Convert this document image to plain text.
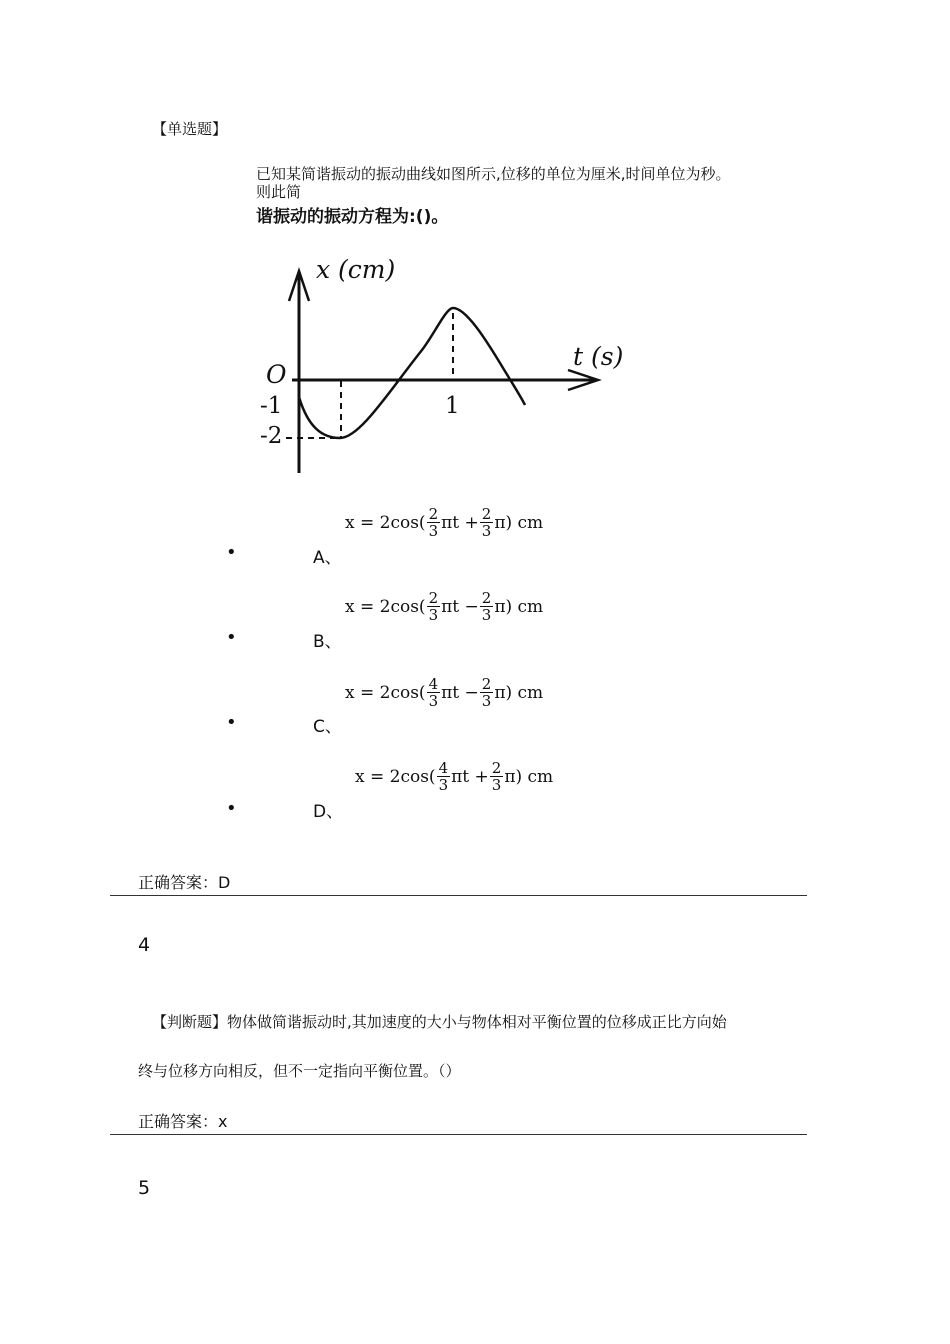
【单选题】
已知某简谐振动的振动曲线如图所示,位移的单位为厘米,时间单位为秒。
则此简
谐振动的振动方程为:()。
x (cm)
t (s)
O
-1
-2
1
•	A、
$x = 2\cos( \frac{2}{3}$ $\pi t + \frac{2}{3} \pi$) cm
•	B、
$x = 2\cos( \frac{2}{3}$ $\pi t - \frac{2}{3} \pi$) cm
•	C、
$x = 2\cos( \frac{4}{3}$ $\pi t - \frac{2}{3} \pi$) cm
•	D、
$x = 2\cos( \frac{4}{3}$ $\pi t + \frac{2}{3} \pi$) cm
正确答案：D
4
【判断题】物体做简谐振动时,其加速度的大小与物体相对平衡位置的位移成正比方向始
终与位移方向相反，但不一定指向平衡位置。（）
正确答案：x
5
